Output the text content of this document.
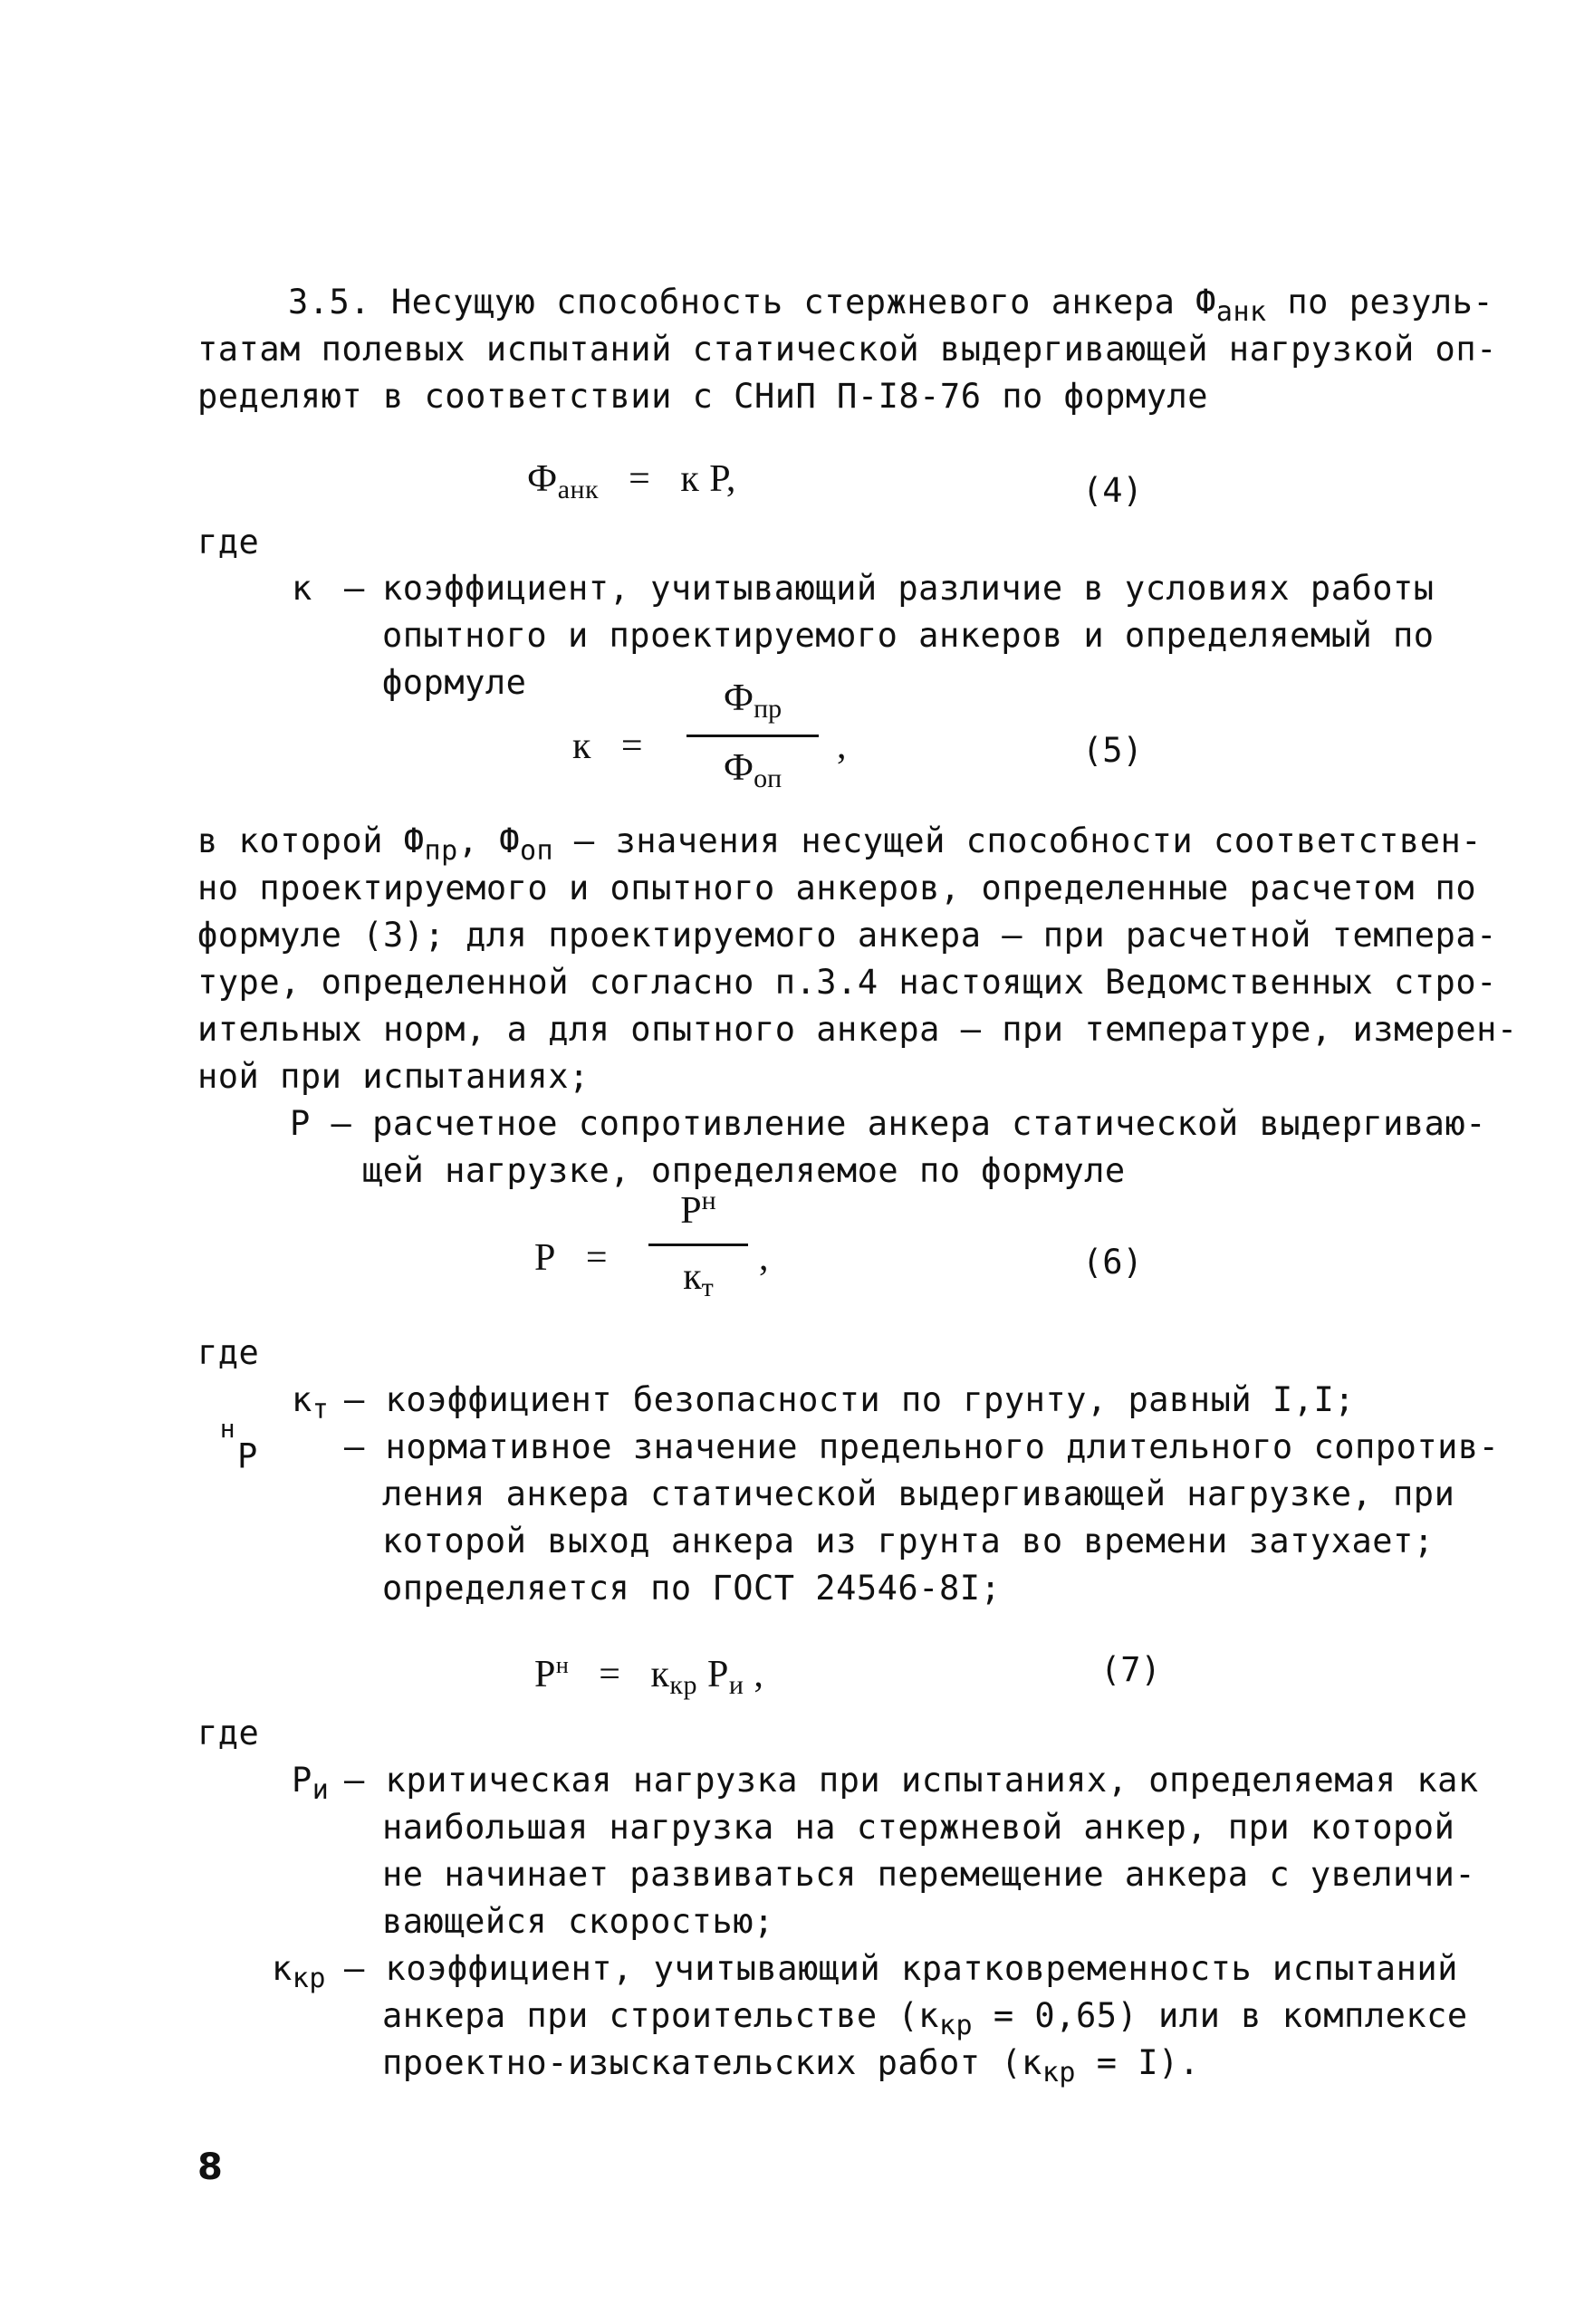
3.5. Несущую способность стержневого анкера $Ф_{анк}$ по резуль-
татам полевых испытаний статической выдергивающей нагрузкой оп-
ределяют в соответствии с СНиП П-I8-76 по формуле
$Ф_{анк} = к$ Р,	(4)
где
к – коэффициент, учитывающий различие в условиях работы
опытного и проектируемого анкеров и определяемый по
формуле
к =
$Ф_{пр}$
$Ф_{оп}$
,	(5)
в которой $Ф_{пр}$, $Ф_{оп}$ – значения несущей способности соответствен-
но проектируемого и опытного анкеров, определенные расчетом по
формуле (3); для проектируемого анкера – при расчетной темпера-
туре, определенной согласно п.3.4 настоящих Ведомственных стро-
ительных норм, а для опытного анкера – при температуре, измерен-
ной при испытаниях;
Р – расчетное сопротивление анкера статической выдергиваю-
щей нагрузке, определяемое по формуле
Р =
$Р^н$
$к_т$
,	(6)
где
$к_т$ – коэффициент безопасности по грунту, равный I,I;
$Р^н$	– нормативное значение предельного длительного сопротив-
ления анкера статической выдергивающей нагрузке, при
которой выход анкера из грунта во времени затухает;
определяется по ГОСТ 24546-8I;
$Р^н = к_{кр}$ $Р_и$ ,	(7)
где
$Р_и$ – критическая нагрузка при испытаниях, определяемая как
наибольшая нагрузка на стержневой анкер, при которой
не начинает развиваться перемещение анкера с увеличи-
вающейся скоростью;
$к_{кр}$ – коэффициент, учитывающий кратковременность испытаний
анкера при строительстве $(к_{кр} = 0,65)$ или в комплексе
проектно-изыскательских работ $(к_{кр} = I)$.
8
